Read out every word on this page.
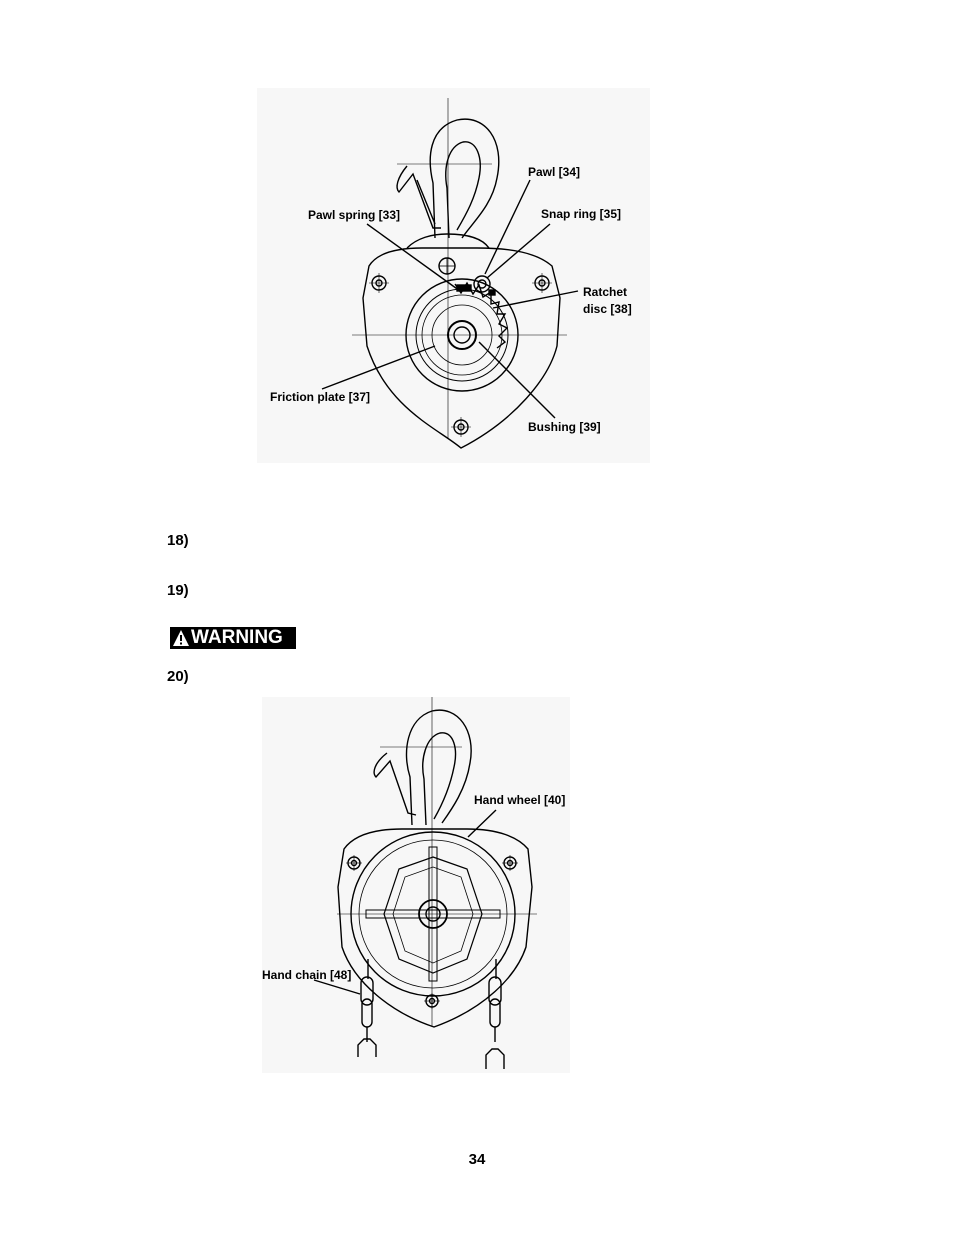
Pawl [34]
Pawl spring [33]	Snap ring [35]
Ratchet
disc [38]
Friction plate [37]
Bushing [39]
18)
19)
WARNING
20)
Hand wheel [40]
Hand chain [48]
34
